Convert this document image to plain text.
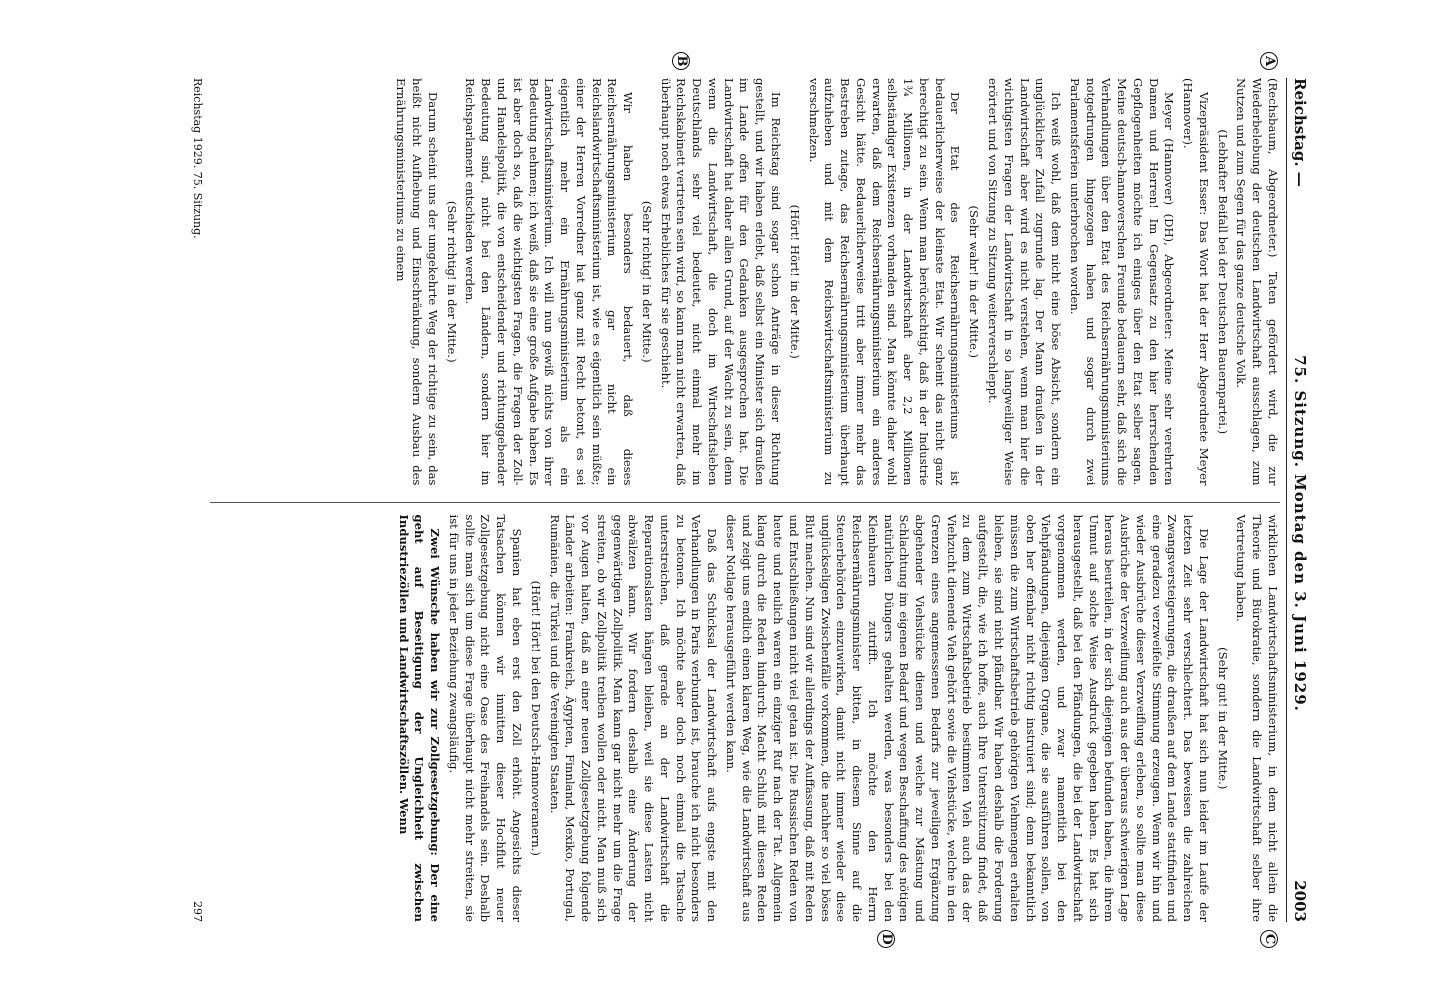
Reichstag. —
75. Sitzung. Montag den 3. Juni 1929.
2003
A
B

(Rechsbaum, Abgeordneter.) Taten gefördert wird, die zur Wiederbelebung der deutschen Landwirtschaft ausschlagen, zum Nutzen und zum Segen für das ganze deutsche Volk.

(Lebhafter Beifall bei der Deutschen Bauernpartei.)

Vizepräsident Esser: Das Wort hat der Herr Abgeordnete Meyer (Hannover).

Meyer (Hannover) (DH), Abgeordneter: Meine sehr verehrten Damen und Herren! Im Gegensatz zu den hier herrschenden Gepflogenheiten möchte ich einiges über den Etat selber sagen. Meine deutsch-hannoverschen Freunde bedauern sehr, daß sich die Verhandlungen über den Etat des Reichsernährungsministeriums notgedrungen hingezogen haben und sogar durch zwei Parlamentsferien unterbrochen worden.

Ich weiß wohl, daß dem nicht eine böse Absicht, sondern ein unglücklicher Zufall zugrunde lag. Der Mann draußen in der Landwirtschaft aber wird es nicht verstehen, wenn man hier die wichtigsten Fragen der Landwirtschaft in so langweiliger Weise erörtert und von Sitzung zu Sitzung weiterverschleppt.

(Sehr wahr! in der Mitte.)

Der Etat des Reichsernährungsministeriums ist bedauerlicherweise der kleinste Etat. Wir scheint das nicht ganz berechtigt zu sein. Wenn man berücksichtigt, daß in der Industrie 1¾ Millionen, in der Landwirtschaft aber 2,2 Millionen selbständiger Existenzen vorhanden sind. Man könnte daher wohl erwarten, daß dem Reichsernährungsministerium ein anderes Gesicht hätte. Bedauerlicherweise tritt aber immer mehr das Bestreben zutage, das Reichsernährungsministerium überhaupt aufzuheben und mit dem Reichswirtschaftsministerium zu verschmelzen.

(Hört! Hört! in der Mitte.)

Im Reichstag sind sogar schon Anträge in dieser Richtung gestellt, und wir haben erlebt, daß selbst ein Minister sich draußen im Lande offen für den Gedanken ausgesprochen hat. Die Landwirtschaft hat daher allen Grund, auf der Wacht zu sein, denn wenn die Landwirtschaft, die doch im Wirtschaftsleben Deutschlands sehr viel bedeutet, nicht einmal mehr im Reichskabinett vertreten sein wird, so kann man nicht erwarten, daß überhaupt noch etwas Erhebliches für sie geschieht.

(Sehr richtig! in der Mitte.)

Wir haben besonders bedauert, daß dieses Reichsernährungsministerium gar nicht ein Reichslandwirtschaftsministerium ist, wie es eigentlich sein müßte; einer der Herren Vorredner hat ganz mit Recht betont, es sei eigentlich mehr ein Ernährungsministerium als ein Landwirtschaftsministerium. Ich will nun gewiß nichts von ihrer Bedeutung nehmen; ich weiß, daß sie eine große Aufgabe haben. Es ist aber doch so, daß die wichtigsten Fragen, die Fragen der Zoll- und Handelspolitik, die von entscheidender und richtunggebender Bedeutung sind, nicht bei den Ländern, sondern hier im Reichsparlament entschieden werden.

(Sehr richtig! in der Mitte.)

Darum scheint uns der umgekehrte Weg der richtige zu sein, das heißt nicht Aufhebung und Einschränkung, sondern Ausbau des Ernährungsministeriums zu einem

C
D

wirklichen Landwirtschaftsministerium, in dem nicht allein die Theorie und Bürokratie, sondern die Landwirtschaft selber ihre Vertretung haben.

(Sehr gut! in der Mitte.)

Die Lage der Landwirtschaft hat sich nun leider im Laufe der letzten Zeit sehr verschlechtert. Das beweisen die zahlreichen Zwangsversteigerungen, die draußen auf dem Lande stattfinden und eine geradezu verzweifelte Stimmung erzeugen. Wenn wir hin und wieder Ausbrüche dieser Verzweiflung erleben, so sollte man diese Ausbrüche der Verzweiflung auch aus der überaus schwierigen Lage heraus beurteilen, in der sich diejenigen befunden haben, die ihrem Unmut auf solche Weise Ausdruck gegeben haben. Es hat sich herausgestellt, daß bei den Pfändungen, die bei der Landwirtschaft vorgenommen werden, und zwar namentlich bei den Viehpfändungen, diejenigen Organe, die sie ausführen sollen, von oben her offenbar nicht richtig instruiert sind; denn bekanntlich müssen die zum Wirtschaftsbetrieb gehörigen Viehmengen erhalten bleiben, sie sind nicht pfändbar. Wir haben deshalb die Forderung aufgestellt, die, wie ich hoffe, auch Ihre Unterstützung findet, daß zu dem zum Wirtschaftsbetrieb bestimmten Vieh auch das der Viehzucht dienende Vieh gehört sowie die Viehstücke, welche in den Grenzen eines angemessenen Bedarfs zur jeweiligen Ergänzung abgehender Viehstücke dienen und welche zur Mästung und Schlachtung im eigenen Bedarf und wegen Beschaffung des nötigen natürlichen Düngers gehalten werden, was besonders bei den Kleinbauern zutrifft. Ich möchte den Herrn Reichsernährungsminister bitten, in diesem Sinne auf die Steuerbehörden einzuwirken, damit nicht immer wieder diese unglückseligen Zwischenfälle vorkommen, die nachher so viel böses Blut machen. Nun sind wir allerdings der Auffassung, daß mit Reden und Entschließungen nicht viel getan ist. Die Russischen Reden von heute und neulich waren ein einziger Ruf nach der Tat. Allgemein klang durch die Reden hindurch: Macht Schluß mit diesen Reden und zeigt uns endlich einen klaren Weg, wie die Landwirtschaft aus dieser Notlage herausgeführt werden kann.

Daß das Schicksal der Landwirtschaft aufs engste mit den Verhandlungen in Paris verbunden ist, brauche ich nicht besonders zu betonen. Ich möchte aber doch noch einmal die Tatsache unterstreichen, daß gerade an der Landwirtschaft die Reparationslasten hängen bleiben, weil sie diese Lasten nicht abwälzen kann. Wir fordern deshalb eine Änderung der gegenwärtigen Zollpolitik. Man kann gar nicht mehr um die Frage streiten, ob wir Zollpolitik treiben wollen oder nicht. Man muß sich vor Augen halten, daß an einer neuen Zollgesetzgebung folgende Länder arbeiten: Frankreich, Ägypten, Finnland, Mexiko, Portugal, Rumänien, die Türkei und die Vereinigten Staaten.

(Hört! Hört! bei den Deutsch-Hannoveranern.)

Spanien hat eben erst den Zoll erhöht. Angesichts dieser Tatsachen können wir inmitten dieser Hochflut neuer Zollgesetzgebung nicht eine Oase des Freihandels sein. Deshalb sollte man sich um diese Frage überhaupt nicht mehr streiten, sie ist für uns in jeder Beziehung zwangsläufig.

Zwei Wünsche haben wir zur Zollgesetzgebung: Der eine geht auf Beseitigung der Ungleichheit zwischen Industriezöllen und Landwirtschaftszöllen. Wenn

Reichstag 1929. 75. Sitzung.
297
